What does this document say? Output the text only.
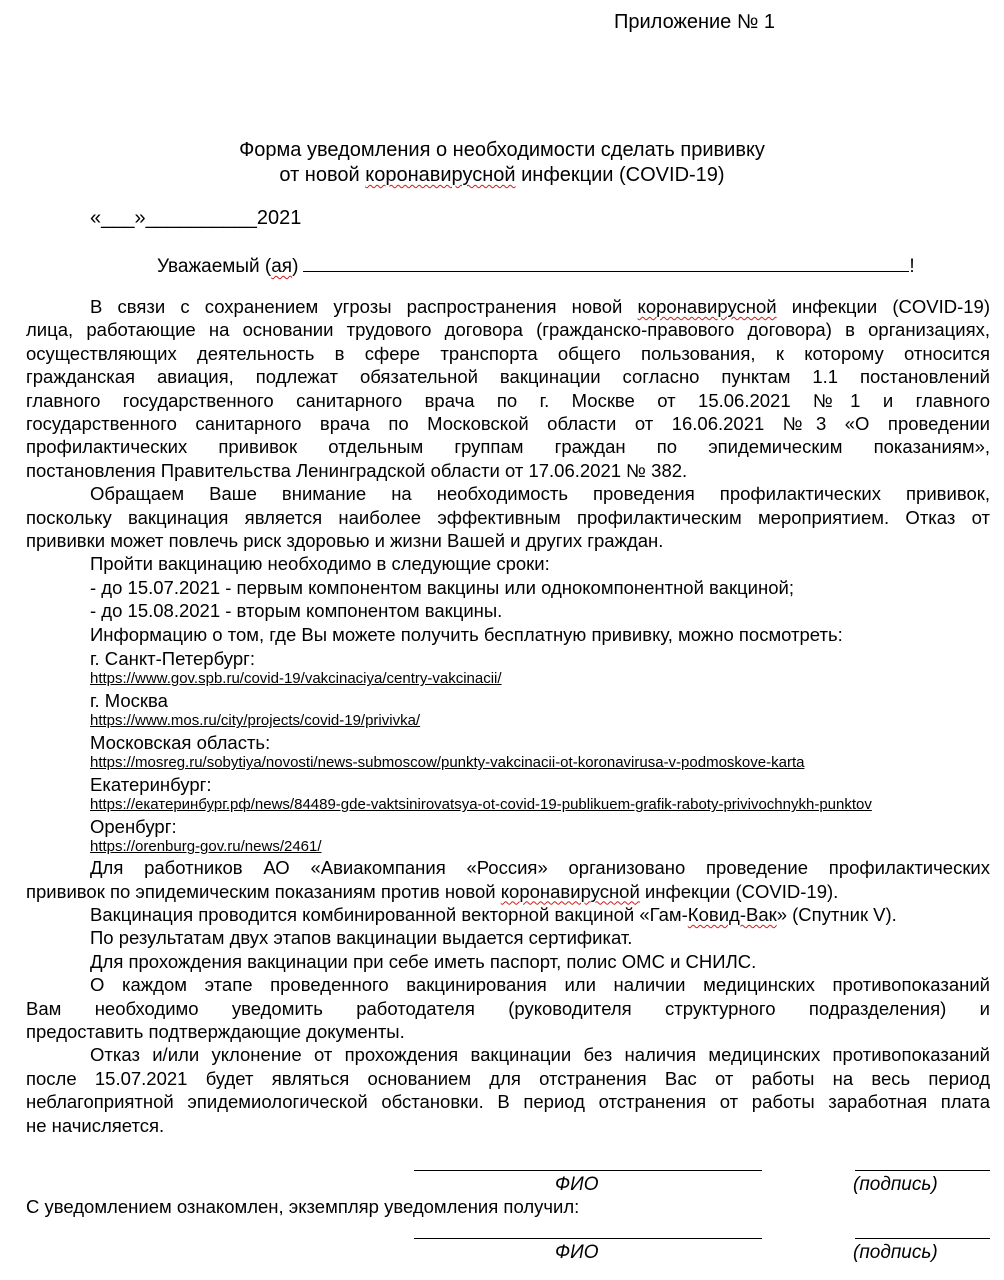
Приложение № 1
Форма уведомления о необходимости сделать прививку
от новой коронавирусной инфекции (COVID-19)
«___»__________2021
Уважаемый (ая)	!
В связи с сохранением угрозы распространения новой коронавирусной инфекции (COVID-19)
лица, работающие на основании трудового договора (гражданско-правового договора) в организациях,
осуществляющих деятельность в сфере транспорта общего пользования, к которому относится
гражданская авиация, подлежат обязательной вакцинации согласно пунктам 1.1 постановлений
главного государственного санитарного врача по г. Москве от 15.06.2021 №1 и главного
государственного санитарного врача по Московской области от 16.06.2021 №3 «О проведении
профилактических прививок отдельным группам граждан по эпидемическим показаниям»,
постановления Правительства Ленинградской области от 17.06.2021 № 382.
Обращаем Ваше внимание на необходимость проведения профилактических прививок,
поскольку вакцинация является наиболее эффективным профилактическим мероприятием. Отказ от
прививки может повлечь риск здоровью и жизни Вашей и других граждан.
Пройти вакцинацию необходимо в следующие сроки:
- до 15.07.2021 - первым компонентом вакцины или однокомпонентной вакциной;
- до 15.08.2021 - вторым компонентом вакцины.
Информацию о том, где Вы можете получить бесплатную прививку, можно посмотреть:
г. Санкт-Петербург:
https://www.gov.spb.ru/covid-19/vakcinaciya/centry-vakcinacii/
г. Москва
https://www.mos.ru/city/projects/covid-19/privivka/
Московская область:
https://mosreg.ru/sobytiya/novosti/news-submoscow/punkty-vakcinacii-ot-koronavirusa-v-podmoskove-karta
Екатеринбург:
https://екатеринбург.рф/news/84489-gde-vaktsinirovatsya-ot-covid-19-publikuem-grafik-raboty-privivochnykh-punktov
Оренбург:
https://orenburg-gov.ru/news/2461/
Для работников АО «Авиакомпания «Россия» организовано проведение профилактических
прививок по эпидемическим показаниям против новой коронавирусной инфекции (COVID-19).
Вакцинация проводится комбинированной векторной вакциной «Гам-Ковид-Вак» (Спутник V).
По результатам двух этапов вакцинации выдается сертификат.
Для прохождения вакцинации при себе иметь паспорт, полис ОМС и СНИЛС.
О каждом этапе проведенного вакцинирования или наличии медицинских противопоказаний
Вам необходимо уведомить работодателя (руководителя структурного подразделения) и
предоставить подтверждающие документы.
Отказ и/или уклонение от прохождения вакцинации без наличия медицинских противопоказаний
после 15.07.2021 будет являться основанием для отстранения Вас от работы на весь период
неблагоприятной эпидемиологической обстановки. В период отстранения от работы заработная плата
не начисляется.
ФИО	(подпись)
С уведомлением ознакомлен, экземпляр уведомления получил:
ФИО	(подпись)
